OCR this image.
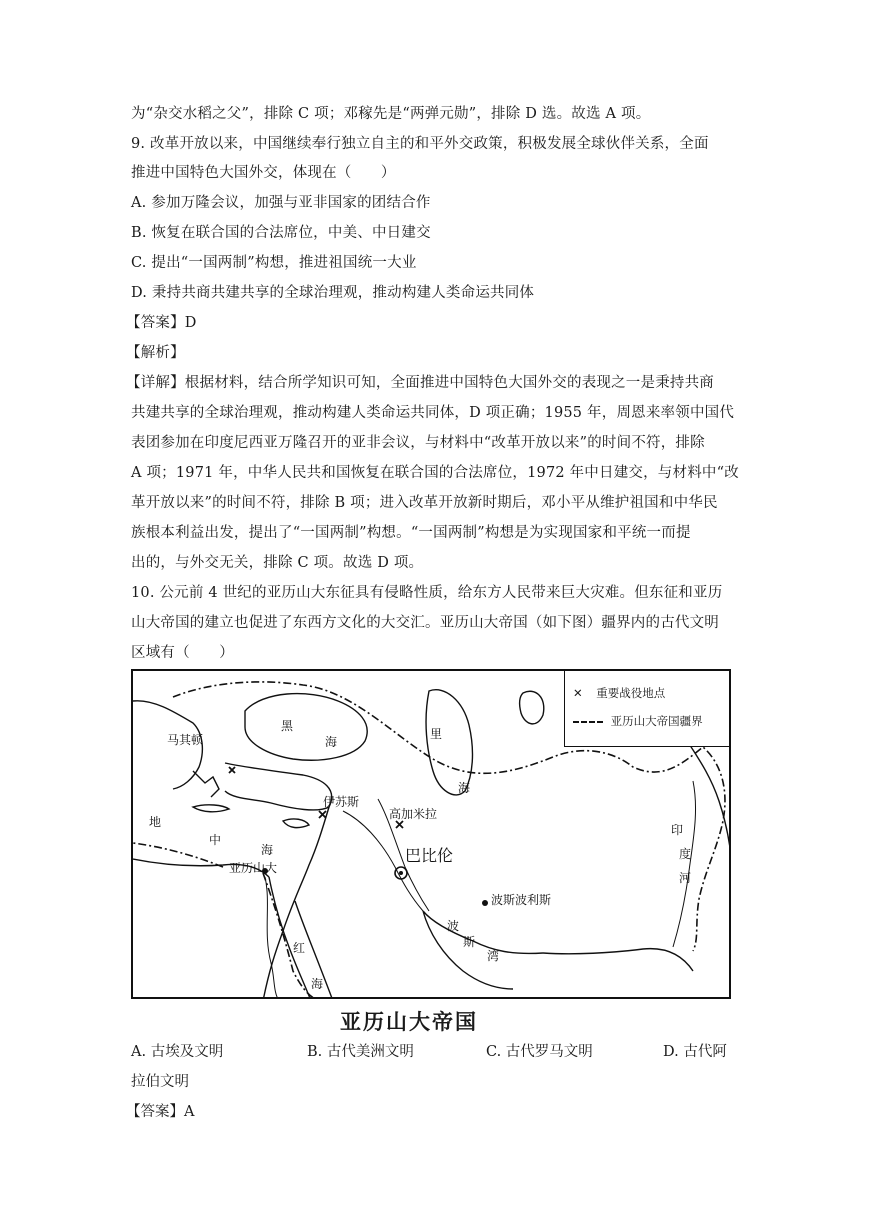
为“杂交水稻之父”，排除 C 项；邓稼先是“两弹元勋”，排除 D 选。故选 A 项。
9. 改革开放以来，中国继续奉行独立自主的和平外交政策，积极发展全球伙伴关系，全面
推进中国特色大国外交，体现在（　　）
A. 参加万隆会议，加强与亚非国家的团结合作
B. 恢复在联合国的合法席位，中美、中日建交
C. 提出“一国两制”构想，推进祖国统一大业
D. 秉持共商共建共享的全球治理观，推动构建人类命运共同体
【答案】D
【解析】
【详解】根据材料，结合所学知识可知，全面推进中国特色大国外交的表现之一是秉持共商
共建共享的全球治理观，推动构建人类命运共同体，D 项正确；1955 年，周恩来率领中国代
表团参加在印度尼西亚万隆召开的亚非会议，与材料中“改革开放以来”的时间不符，排除
A 项；1971 年，中华人民共和国恢复在联合国的合法席位，1972 年中日建交，与材料中“改
革开放以来”的时间不符，排除 B 项；进入改革开放新时期后，邓小平从维护祖国和中华民
族根本利益出发，提出了“一国两制”构想。“一国两制”构想是为实现国家和平统一而提
出的，与外交无关，排除 C 项。故选 D 项。
10. 公元前 4 世纪的亚历山大东征具有侵略性质，给东方人民带来巨大灾难。但东征和亚历
山大帝国的建立也促进了东西方文化的大交汇。亚历山大帝国（如下图）疆界内的古代文明
区域有（　　）
✕ 重要战役地点
亚历山大帝国疆界
黑
海
马其顿	里
海
地
中
海
伊苏斯
高加米拉
巴比伦
亚历山大
波斯波利斯
波
斯
湾
红
海
印
度
河
亚历山大帝国
A. 古埃及文明	B. 古代美洲文明	C. 古代罗马文明	D. 古代阿
拉伯文明
【答案】A
